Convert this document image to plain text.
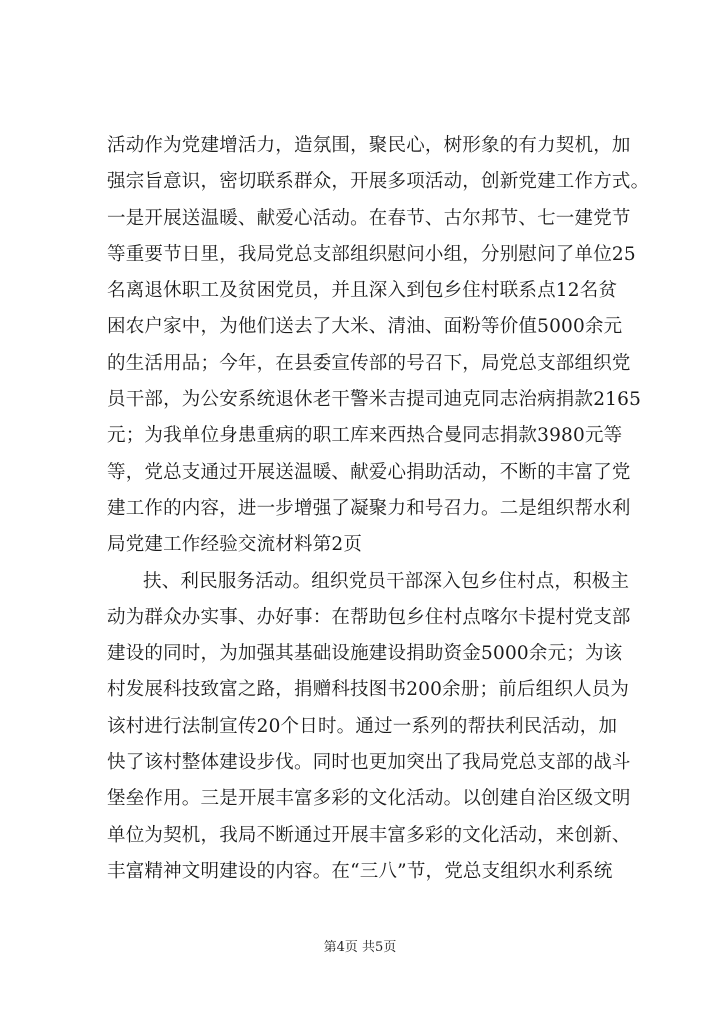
活动作为党建增活力，造氛围，聚民心，树形象的有力契机，加
强宗旨意识，密切联系群众，开展多项活动，创新党建工作方式。
一是开展送温暖、献爱心活动。在春节、古尔邦节、七一建党节
等重要节日里，我局党总支部组织慰问小组，分别慰问了单位25
名离退休职工及贫困党员，并且深入到包乡住村联系点12名贫
困农户家中，为他们送去了大米、清油、面粉等价值5000余元
的生活用品；今年，在县委宣传部的号召下，局党总支部组织党
员干部，为公安系统退休老干警米吉提司迪克同志治病捐款2165
元；为我单位身患重病的职工库来西热合曼同志捐款3980元等
等，党总支通过开展送温暖、献爱心捐助活动，不断的丰富了党
建工作的内容，进一步增强了凝聚力和号召力。二是组织帮水利
局党建工作经验交流材料第2页
扶、利民服务活动。组织党员干部深入包乡住村点，积极主
动为群众办实事、办好事：在帮助包乡住村点喀尔卡提村党支部
建设的同时，为加强其基础设施建设捐助资金5000余元；为该
村发展科技致富之路，捐赠科技图书200余册；前后组织人员为
该村进行法制宣传20个日时。通过一系列的帮扶利民活动，加
快了该村整体建设步伐。同时也更加突出了我局党总支部的战斗
堡垒作用。三是开展丰富多彩的文化活动。以创建自治区级文明
单位为契机，我局不断通过开展丰富多彩的文化活动，来创新、
丰富精神文明建设的内容。在“三八”节，党总支组织水利系统
第4页 共5页
